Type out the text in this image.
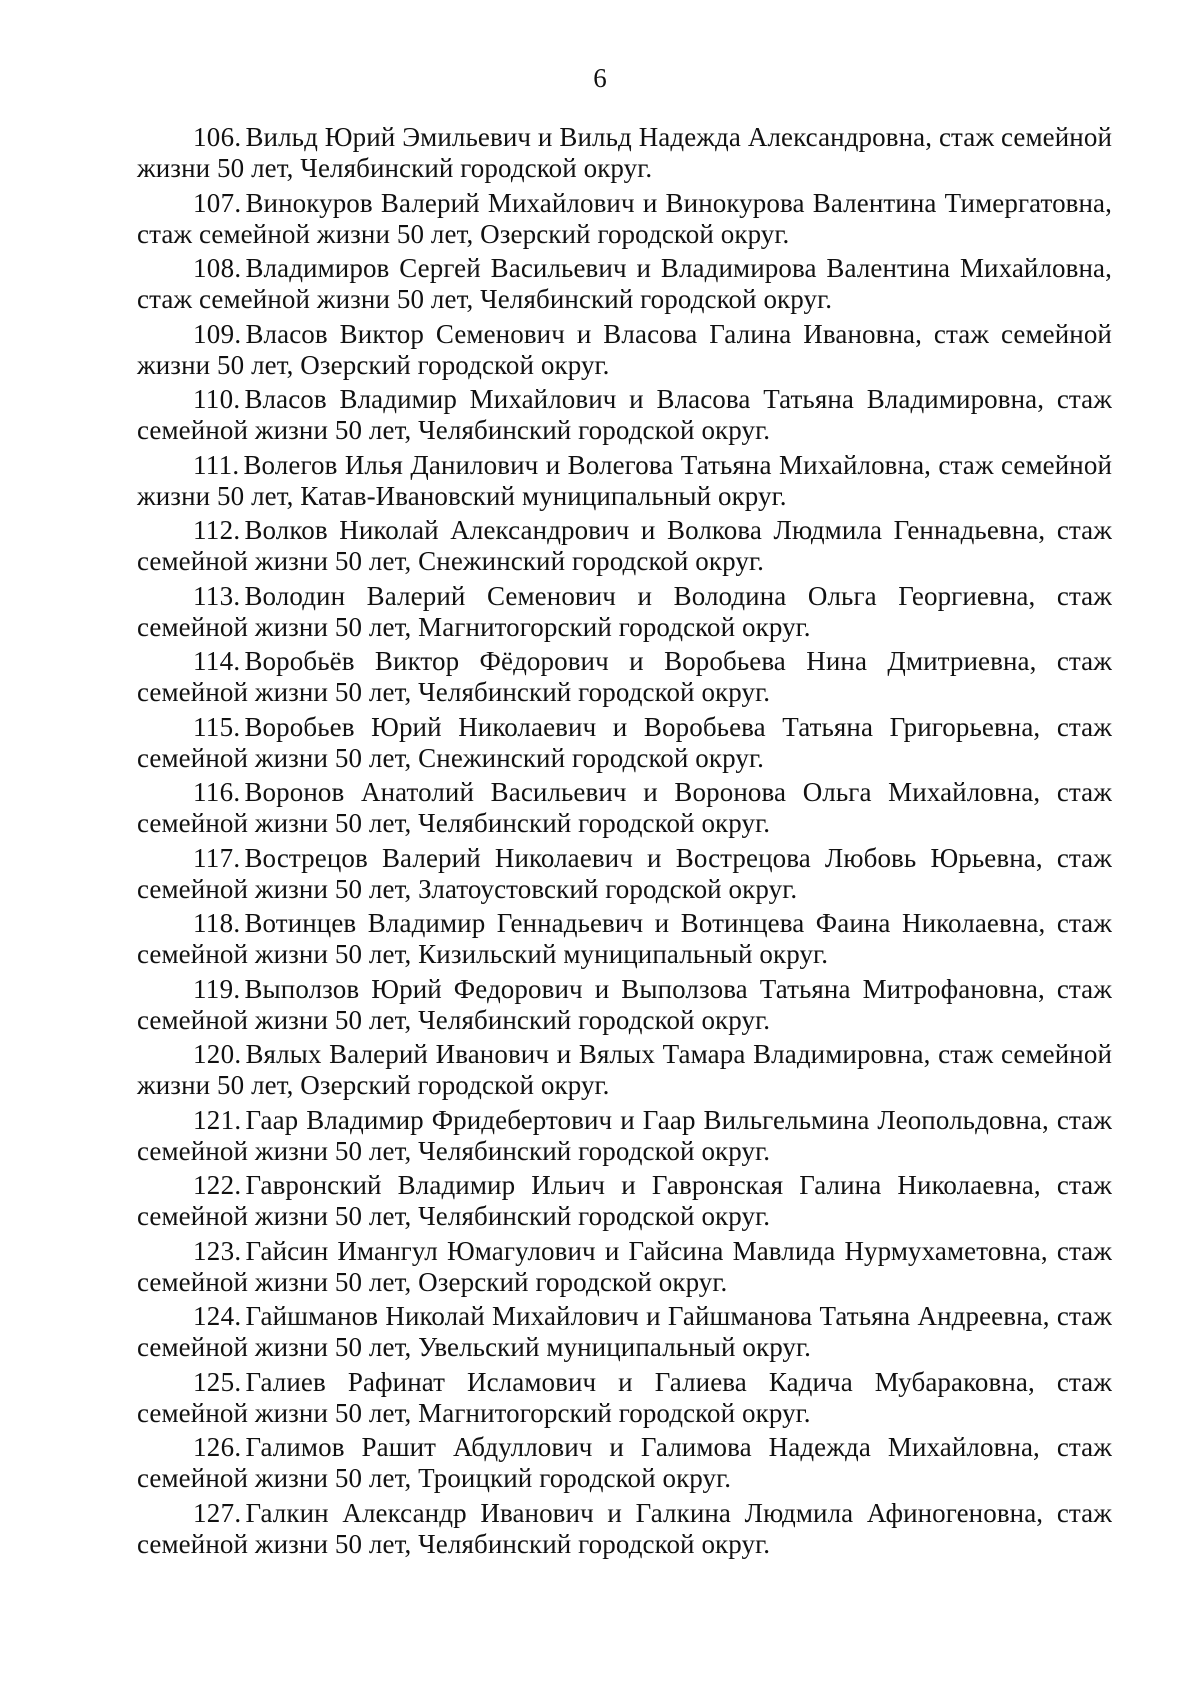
6
106. Вильд Юрий Эмильевич и Вильд Надежда Александровна, стаж семейной жизни 50 лет, Челябинский городской округ.
107. Винокуров Валерий Михайлович и Винокурова Валентина Тимергатовна, стаж семейной жизни 50 лет, Озерский городской округ.
108. Владимиров Сергей Васильевич и Владимирова Валентина Михайловна, стаж семейной жизни 50 лет, Челябинский городской округ.
109. Власов Виктор Семенович и Власова Галина Ивановна, стаж семейной жизни 50 лет, Озерский городской округ.
110. Власов Владимир Михайлович и Власова Татьяна Владимировна, стаж семейной жизни 50 лет, Челябинский городской округ.
111. Волегов Илья Данилович и Волегова Татьяна Михайловна, стаж семейной жизни 50 лет, Катав-Ивановский муниципальный округ.
112. Волков Николай Александрович и Волкова Людмила Геннадьевна, стаж семейной жизни 50 лет, Снежинский городской округ.
113. Володин Валерий Семенович и Володина Ольга Георгиевна, стаж семейной жизни 50 лет, Магнитогорский городской округ.
114. Воробьёв Виктор Фёдорович и Воробьева Нина Дмитриевна, стаж семейной жизни 50 лет, Челябинский городской округ.
115. Воробьев Юрий Николаевич и Воробьева Татьяна Григорьевна, стаж семейной жизни 50 лет, Снежинский городской округ.
116. Воронов Анатолий Васильевич и Воронова Ольга Михайловна, стаж семейной жизни 50 лет, Челябинский городской округ.
117. Вострецов Валерий Николаевич и Вострецова Любовь Юрьевна, стаж семейной жизни 50 лет, Златоустовский городской округ.
118. Вотинцев Владимир Геннадьевич и Вотинцева Фаина Николаевна, стаж семейной жизни 50 лет, Кизильский муниципальный округ.
119. Выползов Юрий Федорович и Выползова Татьяна Митрофановна, стаж семейной жизни 50 лет, Челябинский городской округ.
120. Вялых Валерий Иванович и Вялых Тамара Владимировна, стаж семейной жизни 50 лет, Озерский городской округ.
121. Гаар Владимир Фридебертович и Гаар Вильгельмина Леопольдовна, стаж семейной жизни 50 лет, Челябинский городской округ.
122. Гавронский Владимир Ильич и Гавронская Галина Николаевна, стаж семейной жизни 50 лет, Челябинский городской округ.
123. Гайсин Имангул Юмагулович и Гайсина Мавлида Нурмухаметовна, стаж семейной жизни 50 лет, Озерский городской округ.
124. Гайшманов Николай Михайлович и Гайшманова Татьяна Андреевна, стаж семейной жизни 50 лет, Увельский муниципальный округ.
125. Галиев Рафинат Исламович и Галиева Кадича Мубараковна, стаж семейной жизни 50 лет, Магнитогорский городской округ.
126. Галимов Рашит Абдуллович и Галимова Надежда Михайловна, стаж семейной жизни 50 лет, Троицкий городской округ.
127. Галкин Александр Иванович и Галкина Людмила Афиногеновна, стаж семейной жизни 50 лет, Челябинский городской округ.
